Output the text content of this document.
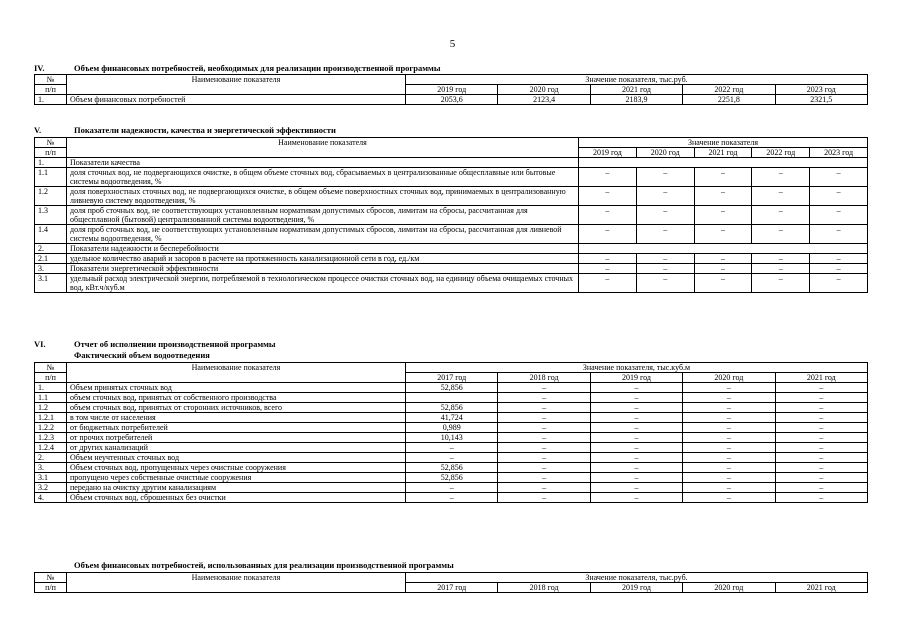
5
IV.	Объем финансовых потребностей, необходимых для реализации производственной программы
№	Наименование показателя	Значение показателя, тыс.руб.				
п/п		2019 год	2020 год	2021 год	2022 год	2023 год
1.	Объем финансовых потребностей	2053,6	2123,4	2183,9	2251,8	2321,5
V.	Показатели надежности, качества и энергетической эффективности
№	Наименование показателя	Значение показателя				
п/п		2019 год	2020 год	2021 год	2022 год	2023 год
1.	Показатели качества					
1.1	доля сточных вод, не подвергающихся очистке, в общем объеме сточных вод, сбрасываемых в централизованные общесплавные или бытовые системы водоотведения, %	–	–	–	–	–
1.2	доля поверхностных сточных вод, не подвергающихся очистке, в общем объеме поверхностных сточных вод, принимаемых в централизованную ливневую систему водоотведения, %	–	–	–	–	–
1.3	доля проб сточных вод, не соответствующих установленным нормативам допустимых сбросов, лимитам на сбросы, рассчитанная для общесплавной (бытовой) централизованной системы водоотведения, %	–	–	–	–	–
1.4	доля проб сточных вод, не соответствующих установленным нормативам допустимых сбросов, лимитам на сбросы, рассчитанная для ливневой системы водоотведения, %	–	–	–	–	–
2.	Показатели надежности и бесперебойности					
2.1	удельное количество аварий и засоров в расчете на протяженность канализационной сети в год, ед./км	–	–	–	–	–
3.	Показатели энергетической эффективности	–	–	–	–	–
3.1	удельный расход электрической энергии, потребляемой в технологическом процессе очистки сточных вод, на единицу объема очищаемых сточных вод, кВт.ч/куб.м	–	–	–	–	–
VI.	Отчет об исполнении производственной программы
Фактический объем водоотведения
№	Наименование показателя	Значение показателя, тыс.куб.м				
п/п		2017 год	2018 год	2019 год	2020 год	2021 год
1.	Объем принятых сточных вод	52,856	–	–	–	–
1.1	объем сточных вод, принятых от собственного производства		–	–	–	–
1.2	объем сточных вод, принятых от сторонних источников, всего	52,856	–	–	–	–
1.2.1	в том числе от населения	41,724	–	–	–	–
1.2.2	от бюджетных потребителей	0,989	–	–	–	–
1.2.3	от прочих потребителей	10,143	–	–	–	–
1.2.4	от других канализаций	–	–	–	–	–
2.	Объем неучтенных сточных вод	–	–	–	–	–
3.	Объем сточных вод, пропущенных через очистные сооружения	52,856	–	–	–	–
3.1	пропущено через собственные очистные сооружения	52,856	–	–	–	–
3.2	передано на очистку другим канализациям	–	–	–	–	–
4.	Объем сточных вод, сброшенных без очистки	–	–	–	–	–
Объем финансовых потребностей, использованных для реализации производственной программы
№	Наименование показателя	Значение показателя, тыс.руб.				
п/п		2017 год	2018 год	2019 год	2020 год	2021 год
